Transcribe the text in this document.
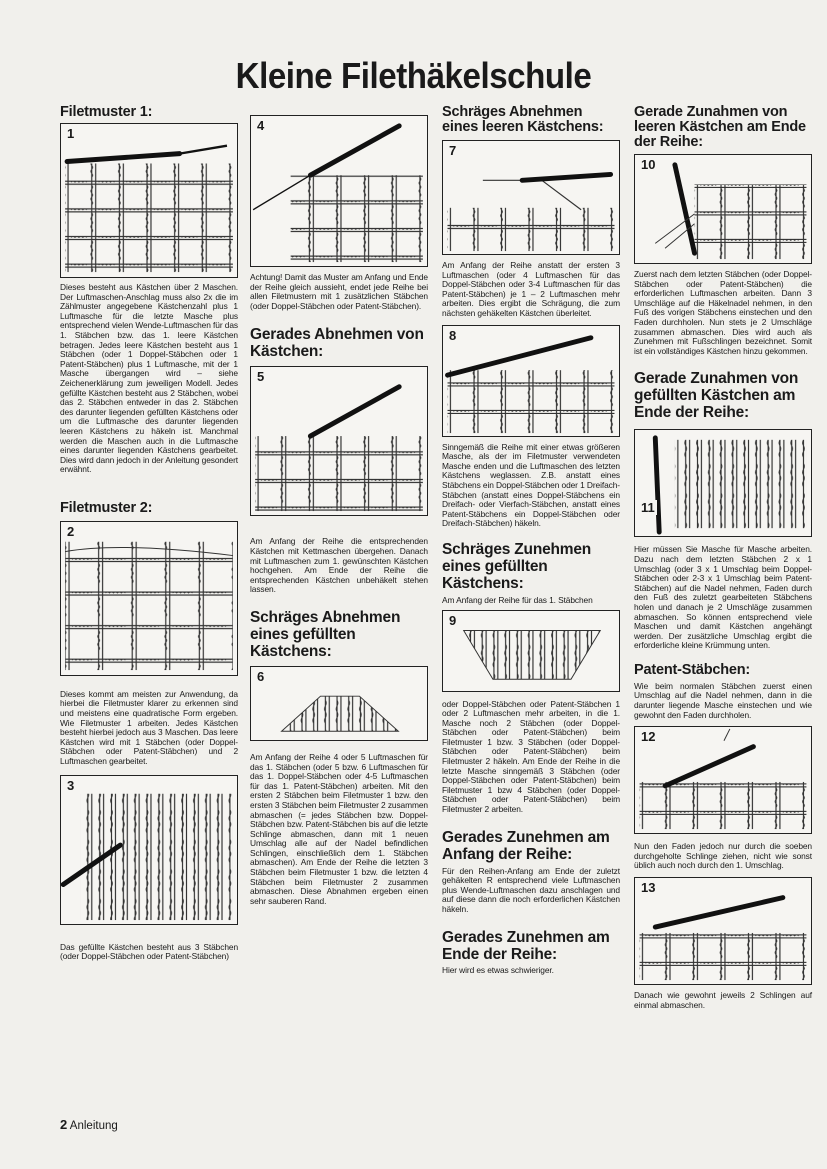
Kleine Filethäkelschule
Filetmuster 1:
1

Dieses besteht aus Kästchen über 2 Maschen. Der Luftmaschen-Anschlag muss also 2x die im Zählmuster angegebene Kästchenzahl plus 1 Luftmasche für die letzte Masche plus entsprechend vielen Wende-Luftmaschen für das 1. Stäbchen bzw. das 1. leere Kästchen betragen. Jedes leere Kästchen besteht aus 1 Stäbchen (oder 1 Doppel-Stäbchen oder 1 Patent-Stäbchen) plus 1 Luftmasche, mit der 1 Masche übergangen wird – siehe Zeichenerklärung zum jeweiligen Modell. Jedes gefüllte Kästchen besteht aus 2 Stäbchen, wobei das 2. Stäbchen entweder in das 2. Stäbchen des darunter liegenden gefüllten Kästchens oder um die Luftmasche des darunter liegenden leeren Kästchens zu häkeln ist. Manchmal werden die Maschen auch in die Luftmasche eines darunter liegenden Kästchens gearbeitet. Dies wird dann jedoch in der Anleitung gesondert erwähnt.

Filetmuster 2:
2

Dieses kommt am meisten zur Anwendung, da hierbei die Filetmuster klarer zu erkennen sind und meistens eine quadratische Form ergeben. Wie Filetmuster 1 arbeiten. Jedes Kästchen besteht hierbei jedoch aus 3 Maschen. Das leere Kästchen wird mit 1 Stäbchen (oder Doppel-Stäbchen oder Patent-Stäbchen) und 2 Luftmaschen gearbeitet.

3

Das gefüllte Kästchen besteht aus 3 Stäbchen (oder Doppel-Stäbchen oder Patent-Stäbchen)

4

Achtung! Damit das Muster am Anfang und Ende der Reihe gleich aussieht, endet jede Reihe bei allen Filetmustern mit 1 zusätzlichen Stäbchen (oder Doppel-Stäbchen oder Patent-Stäbchen).

Gerades Abnehmen von Kästchen:
5

Am Anfang der Reihe die entsprechenden Kästchen mit Kettmaschen übergehen. Danach mit Luftmaschen zum 1. gewünschten Kästchen hochgehen. Am Ende der Reihe die entsprechenden Kästchen unbehäkelt stehen lassen.

Schräges Abnehmen eines gefüllten Kästchens:
6

Am Anfang der Reihe 4 oder 5 Luftmaschen für das 1. Stäbchen (oder 5 bzw. 6 Luftmaschen für das 1. Doppel-Stäbchen oder 4-5 Luftmaschen für das 1. Patent-Stäbchen) arbeiten. Mit den ersten 2 Stäbchen beim Filetmuster 1 bzw. den ersten 3 Stäbchen beim Filetmuster 2 zusammen abmaschen (= jedes Stäbchen bzw. Doppel-Stäbchen bzw. Patent-Stäbchen bis auf die letzte Schlinge abmaschen, dann mit 1 neuen Umschlag alle auf der Nadel befindlichen Schlingen, einschließlich dem 1. Stäbchen abmaschen). Am Ende der Reihe die letzten 3 Stäbchen beim Filetmuster 1 bzw. die letzten 4 Stäbchen beim Filetmuster 2 zusammen abmaschen. Diese Abnahmen ergeben einen sehr sauberen Rand.

Schräges Abnehmen eines leeren Kästchens:
7

Am Anfang der Reihe anstatt der ersten 3 Luftmaschen (oder 4 Luftmaschen für das Doppel-Stäbchen oder 3-4 Luftmaschen für das Patent-Stäbchen) je 1 – 2 Luftmaschen mehr arbeiten. Dies ergibt die Schrägung, die zum nächsten gehäkelten Kästchen überleitet.

8

Sinngemäß die Reihe mit einer etwas größeren Masche, als der im Filetmuster verwendeten Masche enden und die Luftmaschen des letzten Kästchens weglassen. Z.B. anstatt eines Stäbchens ein Doppel-Stäbchen oder 1 Dreifach-Stäbchen (anstatt eines Doppel-Stäbchens ein Dreifach- oder Vierfach-Stäbchen, anstatt eines Patent-Stäbchens ein Doppel-Stäbchen oder Dreifach-Stäbchen) häkeln.

Schräges Zunehmen eines gefüllten Kästchens:

Am Anfang der Reihe für das 1. Stäbchen

9

oder Doppel-Stäbchen oder Patent-Stäbchen 1 oder 2 Luftmaschen mehr arbeiten, in die 1. Masche noch 2 Stäbchen (oder Doppel-Stäbchen oder Patent-Stäbchen) beim Filetmuster 1 bzw. 3 Stäbchen (oder Doppel-Stäbchen oder Patent-Stäbchen) beim Filetmuster 2 häkeln. Am Ende der Reihe in die letzte Masche sinngemäß 3 Stäbchen (oder Doppel-Stäbchen oder Patent-Stäbchen) beim Filetmuster 1 bzw 4 Stäbchen (oder Doppel-Stäbchen oder Patent-Stäbchen) beim Filetmuster 2 arbeiten.

Gerades Zunehmen am Anfang der Reihe:

Für den Reihen-Anfang am Ende der zuletzt gehäkelten R entsprechend viele Luftmaschen plus Wende-Luftmaschen dazu anschlagen und auf diese dann die noch erforderlichen Kästchen häkeln.

Gerades Zunehmen am Ende der Reihe:

Hier wird es etwas schwieriger.

Gerade Zunahmen von leeren Kästchen am Ende der Reihe:
10

Zuerst nach dem letzten Stäbchen (oder Doppel-Stäbchen oder Patent-Stäbchen) die erforderlichen Luftmaschen arbeiten. Dann 3 Umschläge auf die Häkelnadel nehmen, in den Fuß des vorigen Stäbchens einstechen und den Faden durchholen. Nun stets je 2 Umschläge zusammen abmaschen. Dies wird auch als Zunehmen mit Fußschlingen bezeichnet. Somit ist ein vollständiges Kästchen hinzu gekommen.

Gerade Zunahmen von gefüllten Kästchen am Ende der Reihe:
11

Hier müssen Sie Masche für Masche arbeiten. Dazu nach dem letzten Stäbchen 2 x 1 Umschlag (oder 3 x 1 Umschlag beim Doppel-Stäbchen oder 2-3 x 1 Umschlag beim Patent-Stäbchen) auf die Nadel nehmen, Faden durch den Fuß des zuletzt gearbeiteten Stäbchens holen und danach je 2 Umschläge zusammen abmaschen. So können entsprechend viele Maschen und damit Kästchen angehängt werden. Der zusätzliche Umschlag ergibt die erforderliche kleine Krümmung unten.

Patent-Stäbchen:

Wie beim normalen Stäbchen zuerst einen Umschlag auf die Nadel nehmen, dann in die darunter liegende Masche einstechen und wie gewohnt den Faden durchholen.

12

Nun den Faden jedoch nur durch die soeben durchgeholte Schlinge ziehen, nicht wie sonst üblich auch noch durch den 1. Umschlag.

13

Danach wie gewohnt jeweils 2 Schlingen auf einmal abmaschen.

2 Anleitung
